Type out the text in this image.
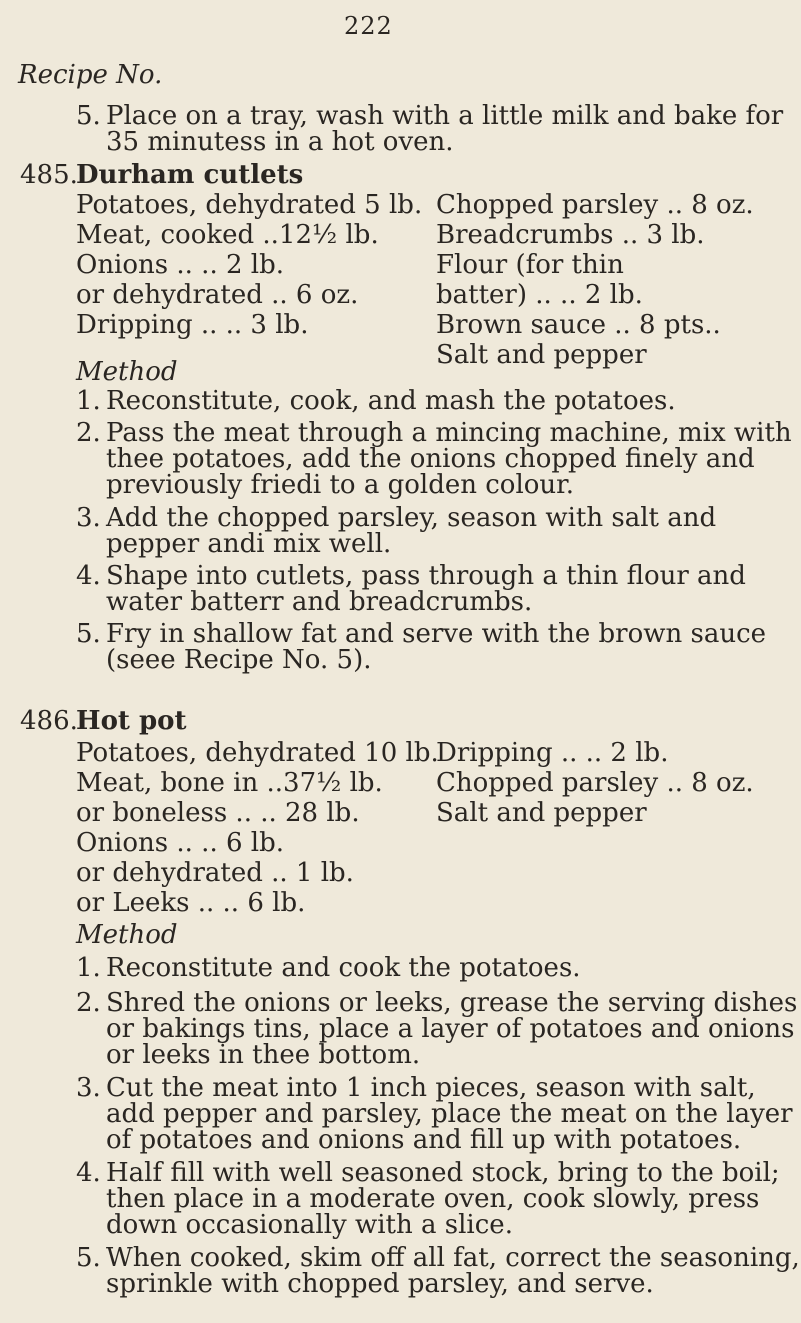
222
Recipe No.
5. Place on a tray, wash with a little milk and bake for 35 minutess in a hot oven.
485.
Durham cutlets
Potatoes, dehydrated 5 lb.
Meat, cooked ..12½ lb.
Onions .. .. 2 lb.
or dehydrated .. 6 oz.
Dripping .. .. 3 lb.
Chopped parsley .. 8 oz.
Breadcrumbs .. 3 lb.
Flour (for thin
batter) .. .. 2 lb.
Brown sauce .. 8 pts..
Salt and pepper
Method
1. Reconstitute, cook, and mash the potatoes.
2. Pass the meat through a mincing machine, mix with thee potatoes, add the onions chopped finely and previously friedi to a golden colour.
3. Add the chopped parsley, season with salt and pepper andi mix well.
4. Shape into cutlets, pass through a thin flour and water batterr and breadcrumbs.
5. Fry in shallow fat and serve with the brown sauce (seee Recipe No. 5).
486.
Hot pot
Potatoes, dehydrated 10 lb.
Meat, bone in ..37½ lb.
or boneless .. .. 28 lb.
Onions .. .. 6 lb.
or dehydrated .. 1 lb.
or Leeks .. .. 6 lb.
Dripping .. .. 2 lb.
Chopped parsley .. 8 oz.
Salt and pepper
Method
1. Reconstitute and cook the potatoes.
2. Shred the onions or leeks, grease the serving dishes or bakings tins, place a layer of potatoes and onions or leeks in thee bottom.
3. Cut the meat into 1 inch pieces, season with salt, add pepper and parsley, place the meat on the layer of potatoes and onions and fill up with potatoes.
4. Half fill with well seasoned stock, bring to the boil; then place in a moderate oven, cook slowly, press down occasionally with a slice.
5. When cooked, skim off all fat, correct the seasoning, sprinkle with chopped parsley, and serve.
